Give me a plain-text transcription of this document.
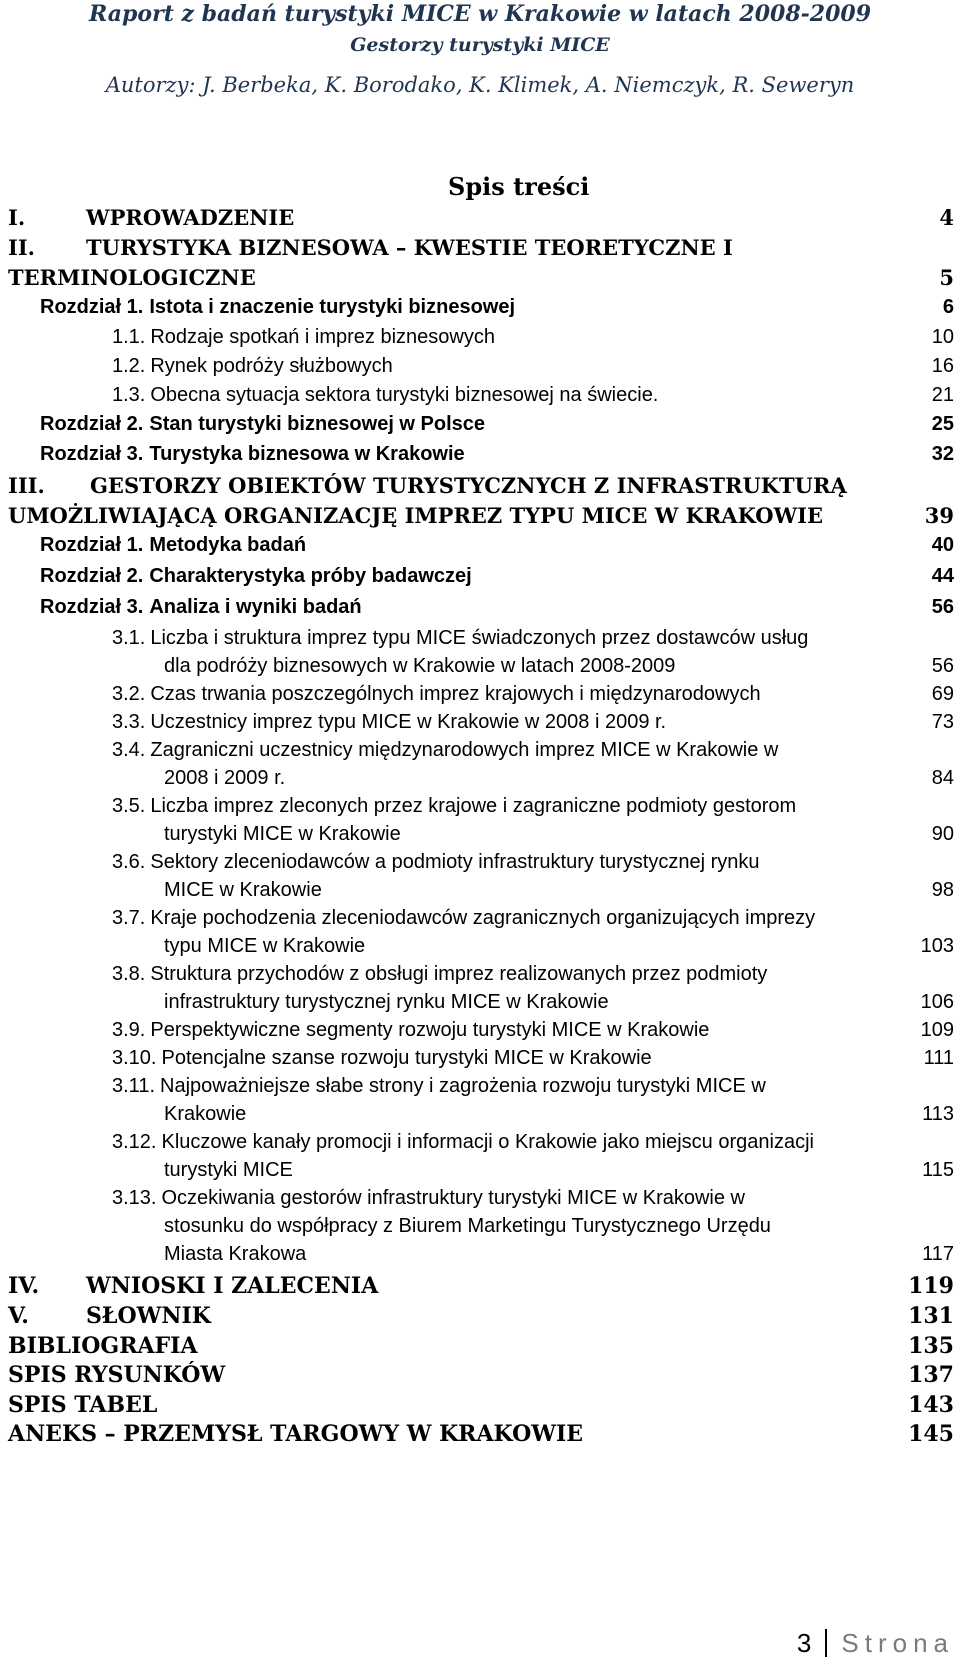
Raport z badań turystyki MICE w Krakowie w latach 2008-2009
Gestorzy turystyki MICE
Autorzy: J. Berbeka, K. Borodako, K. Klimek, A. Niemczyk, R. Seweryn
Spis treści
I.	WPROWADZENIE	4
II.	TURYSTYKA BIZNESOWA – KWESTIE TEORETYCZNE I
TERMINOLOGICZNE	5
Rozdział 1. Istota i znaczenie turystyki biznesowej	6
1.1. Rodzaje spotkań i imprez biznesowych	10
1.2. Rynek podróży służbowych	16
1.3. Obecna sytuacja sektora turystyki biznesowej na świecie.	21
Rozdział 2. Stan turystyki biznesowej w Polsce	25
Rozdział 3. Turystyka biznesowa w Krakowie	32
III.	GESTORZY OBIEKTÓW TURYSTYCZNYCH Z INFRASTRUKTURĄ
UMOŻLIWIAJĄCĄ ORGANIZACJĘ IMPREZ TYPU MICE W KRAKOWIE	39
Rozdział 1. Metodyka badań	40
Rozdział 2. Charakterystyka próby badawczej	44
Rozdział 3. Analiza i wyniki badań	56
3.1. Liczba i struktura imprez typu MICE świadczonych przez dostawców usług
dla podróży biznesowych w Krakowie w latach 2008-2009	56
3.2. Czas trwania poszczególnych imprez krajowych i międzynarodowych	69
3.3. Uczestnicy imprez typu MICE w Krakowie w 2008 i 2009 r.	73
3.4. Zagraniczni uczestnicy międzynarodowych imprez MICE w Krakowie w
2008 i 2009 r.	84
3.5. Liczba imprez zleconych przez krajowe i zagraniczne podmioty gestorom
turystyki MICE w Krakowie	90
3.6. Sektory zleceniodawców a podmioty infrastruktury turystycznej rynku
MICE w Krakowie	98
3.7. Kraje pochodzenia zleceniodawców zagranicznych organizujących imprezy
typu MICE w Krakowie	103
3.8. Struktura przychodów z obsługi imprez realizowanych przez podmioty
infrastruktury turystycznej rynku MICE w Krakowie	106
3.9. Perspektywiczne segmenty rozwoju turystyki MICE w Krakowie	109
3.10. Potencjalne szanse rozwoju turystyki MICE w Krakowie	111
3.11. Najpoważniejsze słabe strony i zagrożenia rozwoju turystyki MICE w
Krakowie	113
3.12. Kluczowe kanały promocji i informacji o Krakowie jako miejscu organizacji
turystyki MICE	115
3.13. Oczekiwania gestorów infrastruktury turystyki MICE w Krakowie w
stosunku do współpracy z Biurem Marketingu Turystycznego Urzędu
Miasta Krakowa	117
IV.	WNIOSKI I ZALECENIA	119
V.	SŁOWNIK	131
BIBLIOGRAFIA	135
SPIS RYSUNKÓW	137
SPIS TABEL	143
ANEKS – PRZEMYSŁ TARGOWY W KRAKOWIE	145
3 Strona
